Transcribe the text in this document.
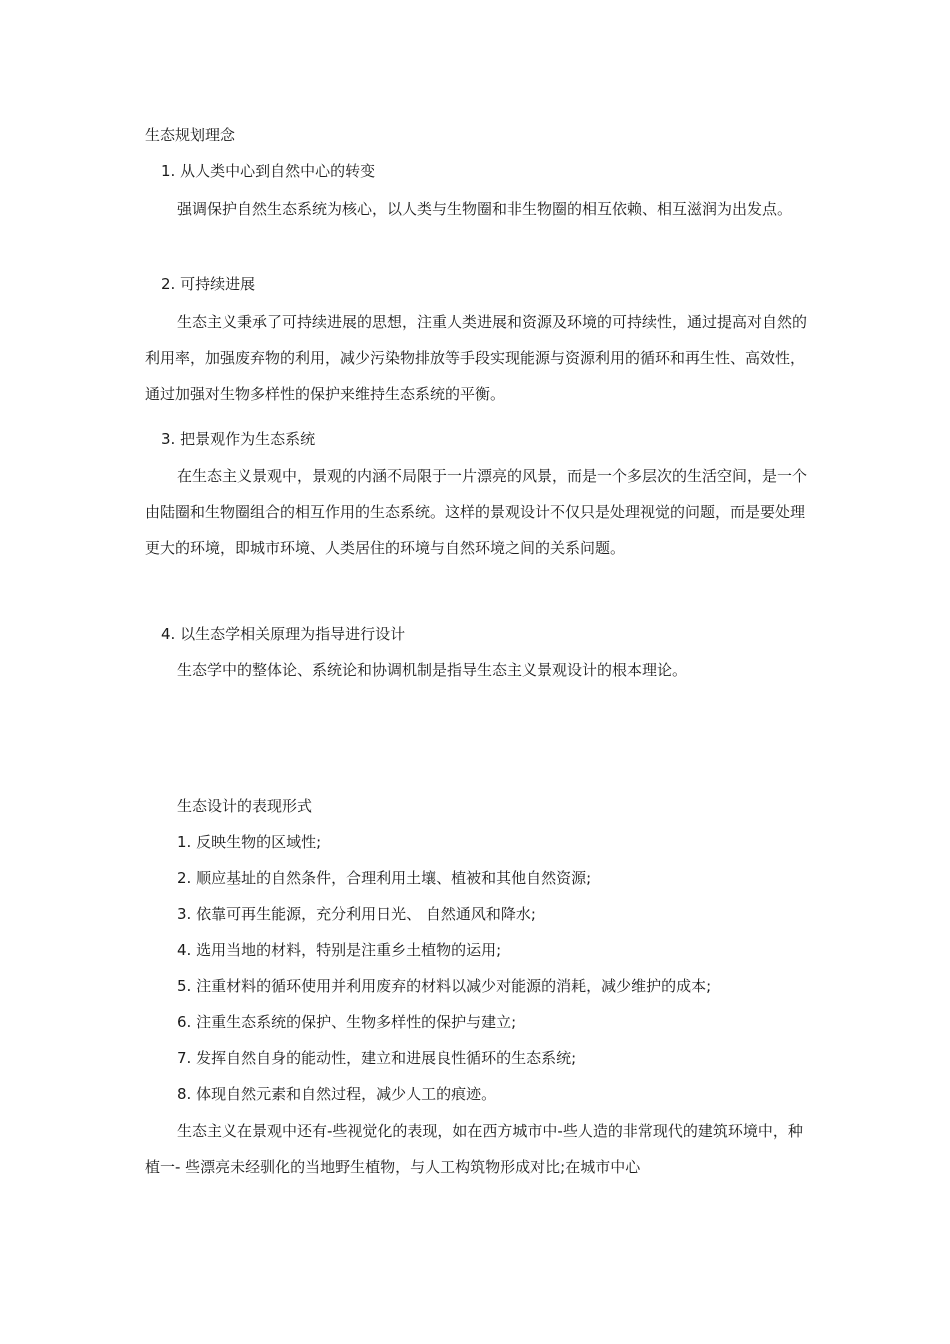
生态规划理念

1. 从人类中心到自然中心的转变

强调保护自然生态系统为核心，以人类与生物圈和非生物圈的相互依赖、相互滋润为出发点。

2. 可持续进展

生态主义秉承了可持续进展的思想，注重人类进展和资源及环境的可持续性，通过提高对自然的利用率，加强废弃物的利用，减少污染物排放等手段实现能源与资源利用的循环和再生性、高效性，通过加强对生物多样性的保护来维持生态系统的平衡。

3. 把景观作为生态系统

在生态主义景观中，景观的内涵不局限于一片漂亮的风景，而是一个多层次的生活空间，是一个由陆圈和生物圈组合的相互作用的生态系统。这样的景观设计不仅只是处理视觉的问题，而是要处理更大的环境，即城市环境、人类居住的环境与自然环境之间的关系问题。

4. 以生态学相关原理为指导进行设计

生态学中的整体论、系统论和协调机制是指导生态主义景观设计的根本理论。

生态设计的表现形式

1. 反映生物的区域性;

2. 顺应基址的自然条件，合理利用土壤、植被和其他自然资源;

3. 依靠可再生能源，充分利用日光、 自然通风和降水;

4. 选用当地的材料，特别是注重乡土植物的运用;

5. 注重材料的循环使用并利用废弃的材料以减少对能源的消耗，减少维护的成本;

6. 注重生态系统的保护、生物多样性的保护与建立;

7. 发挥自然自身的能动性，建立和进展良性循环的生态系统;

8. 体现自然元素和自然过程，减少人工的痕迹。

生态主义在景观中还有-些视觉化的表现，如在西方城市中-些人造的非常现代的建筑环境中，种植一- 些漂亮未经驯化的当地野生植物，与人工构筑物形成对比;在城市中心
